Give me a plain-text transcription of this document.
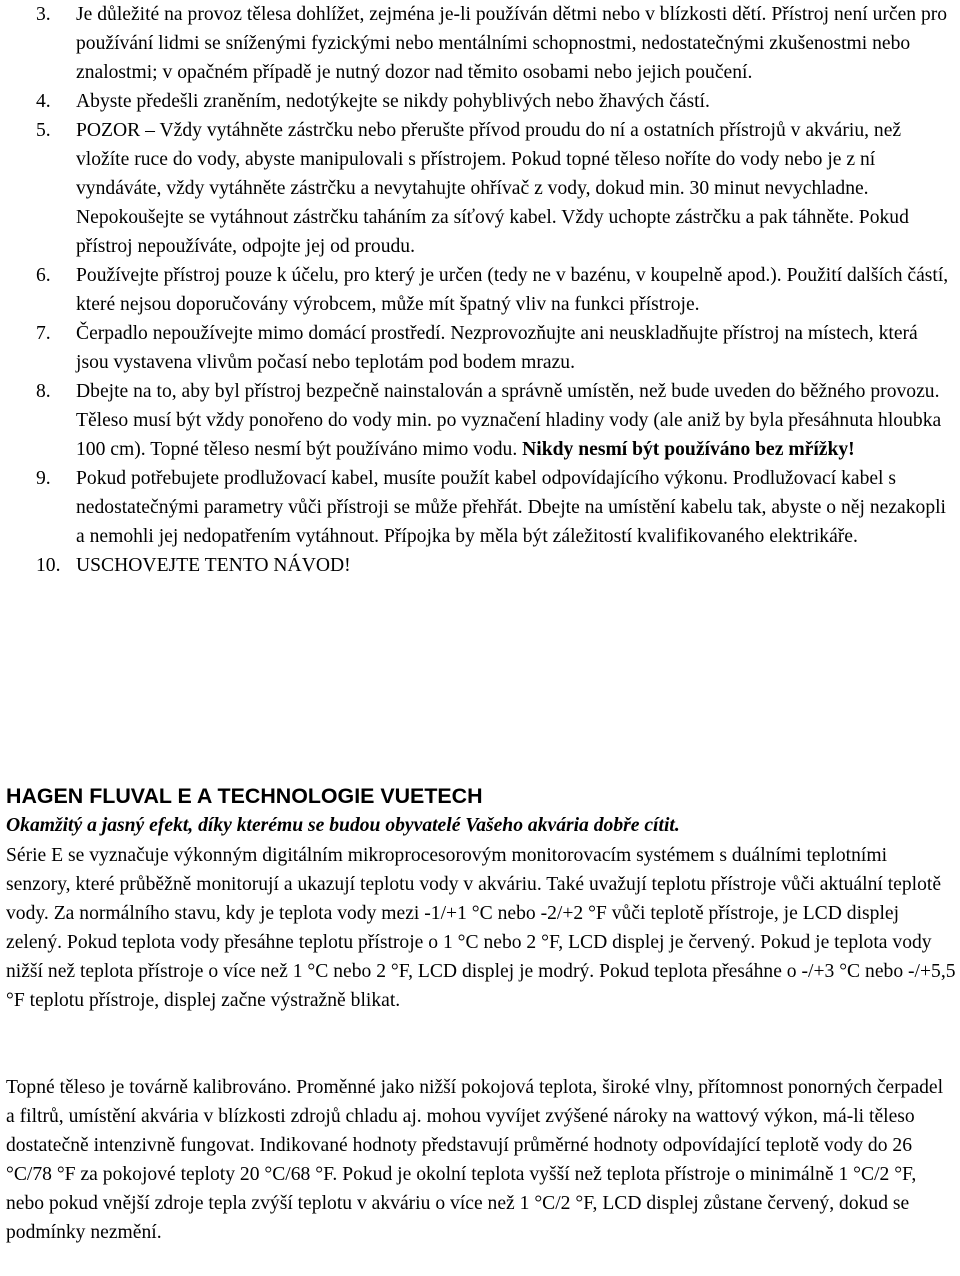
3.	Je důležité na provoz tělesa dohlížet, zejména je-li používán dětmi nebo v blízkosti dětí. Přístroj není určen pro používání lidmi se sníženými fyzickými nebo mentálními schopnostmi, nedostatečnými zkušenostmi nebo znalostmi; v opačném případě je nutný dozor nad těmito osobami nebo jejich poučení.
4.	Abyste předešli zraněním, nedotýkejte se nikdy pohyblivých nebo žhavých částí.
5.	POZOR – Vždy vytáhněte zástrčku nebo přerušte přívod proudu do ní a ostatních přístrojů v akváriu, než vložíte ruce do vody, abyste manipulovali s přístrojem. Pokud topné těleso noříte do vody nebo je z ní vyndáváte, vždy vytáhněte zástrčku a nevytahujte ohřívač z vody, dokud min. 30 minut nevychladne. Nepokoušejte se vytáhnout zástrčku taháním za síťový kabel. Vždy uchopte zástrčku a pak táhněte. Pokud přístroj nepoužíváte, odpojte jej od proudu.
6.	Používejte přístroj pouze k účelu, pro který je určen (tedy ne v bazénu, v koupelně apod.). Použití dalších částí, které nejsou doporučovány výrobcem, může mít špatný vliv na funkci přístroje.
7.	Čerpadlo nepoužívejte mimo domácí prostředí. Nezprovozňujte ani neuskladňujte přístroj na místech, která jsou vystavena vlivům počasí nebo teplotám pod bodem mrazu.
8.	Dbejte na to, aby byl přístroj bezpečně nainstalován a správně umístěn, než bude uveden do běžného provozu. Těleso musí být vždy ponořeno do vody min. po vyznačení hladiny vody (ale aniž by byla přesáhnuta hloubka 100 cm). Topné těleso nesmí být používáno mimo vodu. Nikdy nesmí být používáno bez mřížky!
9.	Pokud potřebujete prodlužovací kabel, musíte použít kabel odpovídajícího výkonu. Prodlužovací kabel s nedostatečnými parametry vůči přístroji se může přehřát. Dbejte na umístění kabelu tak, abyste o něj nezakopli a nemohli jej nedopatřením vytáhnout. Přípojka by měla být záležitostí kvalifikovaného elektrikáře.
10. USCHOVEJTE TENTO NÁVOD!
HAGEN FLUVAL E A TECHNOLOGIE VUETECH

Okamžitý a jasný efekt, díky kterému se budou obyvatelé Vašeho akvária dobře cítit.

Série E se vyznačuje výkonným digitálním mikroprocesorovým monitorovacím systémem s duálními teplotními senzory, které průběžně monitorují a ukazují teplotu vody v akváriu. Také uvažují teplotu přístroje vůči aktuální teplotě vody. Za normálního stavu, kdy je teplota vody mezi -1/+1 °C nebo -2/+2 °F vůči teplotě přístroje, je LCD displej zelený. Pokud teplota vody přesáhne teplotu přístroje o 1 °C nebo 2 °F, LCD displej je červený. Pokud je teplota vody nižší než teplota přístroje o více než 1 °C nebo 2 °F, LCD displej je modrý. Pokud teplota přesáhne o -/+3 °C nebo -/+5,5 °F teplotu přístroje, displej začne výstražně blikat.

Topné těleso je továrně kalibrováno. Proměnné jako nižší pokojová teplota, široké vlny, přítomnost ponorných čerpadel a filtrů, umístění akvária v blízkosti zdrojů chladu aj. mohou vyvíjet zvýšené nároky na wattový výkon, má-li těleso dostatečně intenzivně fungovat. Indikované hodnoty představují průměrné hodnoty odpovídající teplotě vody do 26 °C/78 °F za pokojové teploty 20 °C/68 °F. Pokud je okolní teplota vyšší než teplota přístroje o minimálně 1 °C/2 °F, nebo pokud vnější zdroje tepla zvýší teplotu v akváriu o více než 1 °C/2 °F, LCD displej zůstane červený, dokud se podmínky nezmění.
